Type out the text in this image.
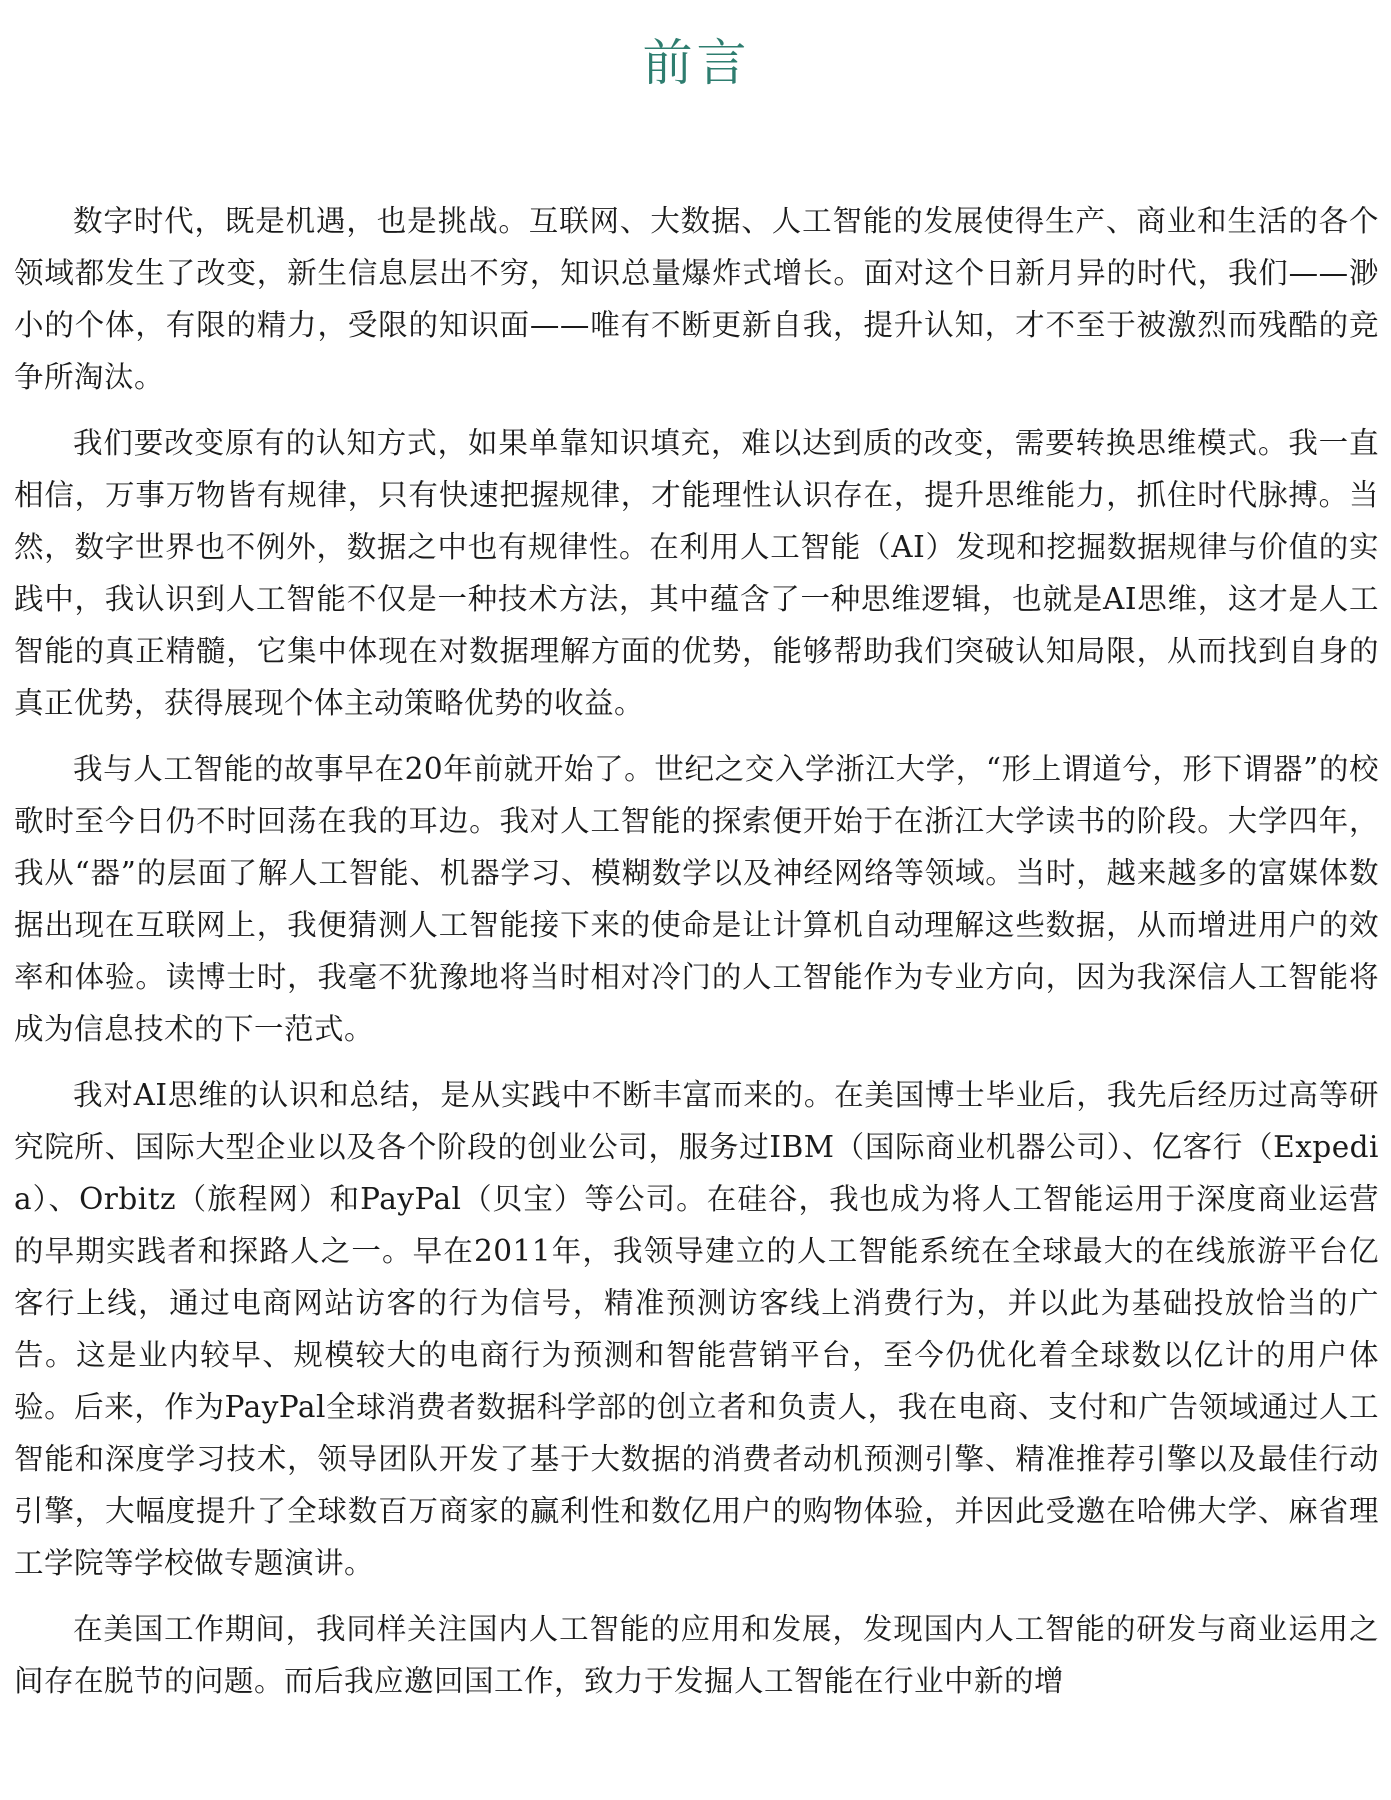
前言

数字时代，既是机遇，也是挑战。互联网、大数据、人工智能的发展使得生产、商业和生活的各个领域都发生了改变，新生信息层出不穷，知识总量爆炸式增长。面对这个日新月异的时代，我们——渺小的个体，有限的精力，受限的知识面——唯有不断更新自我，提升认知，才不至于被激烈而残酷的竞争所淘汰。

我们要改变原有的认知方式，如果单靠知识填充，难以达到质的改变，需要转换思维模式。我一直相信，万事万物皆有规律，只有快速把握规律，才能理性认识存在，提升思维能力，抓住时代脉搏。当然，数字世界也不例外，数据之中也有规律性。在利用人工智能（AI）发现和挖掘数据规律与价值的实践中，我认识到人工智能不仅是一种技术方法，其中蕴含了一种思维逻辑，也就是AI思维，这才是人工智能的真正精髓，它集中体现在对数据理解方面的优势，能够帮助我们突破认知局限，从而找到自身的真正优势，获得展现个体主动策略优势的收益。

我与人工智能的故事早在20年前就开始了。世纪之交入学浙江大学，“形上谓道兮，形下谓器”的校歌时至今日仍不时回荡在我的耳边。我对人工智能的探索便开始于在浙江大学读书的阶段。大学四年，我从“器”的层面了解人工智能、机器学习、模糊数学以及神经网络等领域。当时，越来越多的富媒体数据出现在互联网上，我便猜测人工智能接下来的使命是让计算机自动理解这些数据，从而增进用户的效率和体验。读博士时，我毫不犹豫地将当时相对冷门的人工智能作为专业方向，因为我深信人工智能将成为信息技术的下一范式。

我对AI思维的认识和总结，是从实践中不断丰富而来的。在美国博士毕业后，我先后经历过高等研究院所、国际大型企业以及各个阶段的创业公司，服务过IBM（国际商业机器公司）、亿客行（Expedia）、Orbitz（旅程网）和PayPal（贝宝）等公司。在硅谷，我也成为将人工智能运用于深度商业运营的早期实践者和探路人之一。早在2011年，我领导建立的人工智能系统在全球最大的在线旅游平台亿客行上线，通过电商网站访客的行为信号，精准预测访客线上消费行为，并以此为基础投放恰当的广告。这是业内较早、规模较大的电商行为预测和智能营销平台，至今仍优化着全球数以亿计的用户体验。后来，作为PayPal全球消费者数据科学部的创立者和负责人，我在电商、支付和广告领域通过人工智能和深度学习技术，领导团队开发了基于大数据的消费者动机预测引擎、精准推荐引擎以及最佳行动引擎，大幅度提升了全球数百万商家的赢利性和数亿用户的购物体验，并因此受邀在哈佛大学、麻省理工学院等学校做专题演讲。

在美国工作期间，我同样关注国内人工智能的应用和发展，发现国内人工智能的研发与商业运用之间存在脱节的问题。而后我应邀回国工作，致力于发掘人工智能在行业中新的增
